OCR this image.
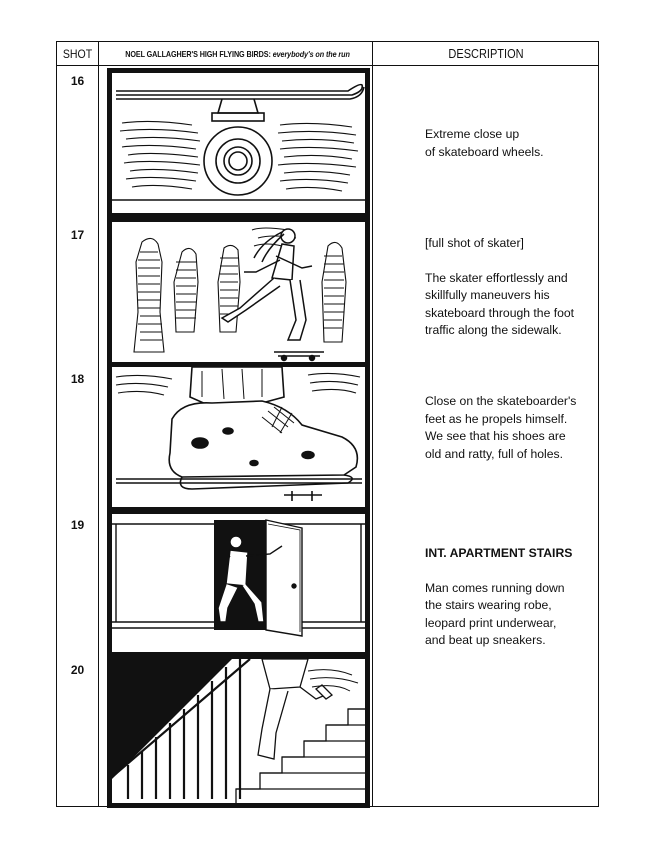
SHOT	NOEL GALLAGHER'S HIGH FLYING BIRDS:
everybody's on the run	DESCRIPTION
16
17
18
19
20

Extreme close up

of skateboard wheels.

[full shot of skater]

The skater effortlessly and

skillfully maneuvers his

skateboard through the foot

traffic along the sidewalk.

Close on the skateboarder's

feet as he propels himself.

We see that his shoes are

old and ratty, full of holes.

INT. APARTMENT STAIRS

Man comes running down

the stairs wearing robe,

leopard print underwear,

and beat up sneakers.
